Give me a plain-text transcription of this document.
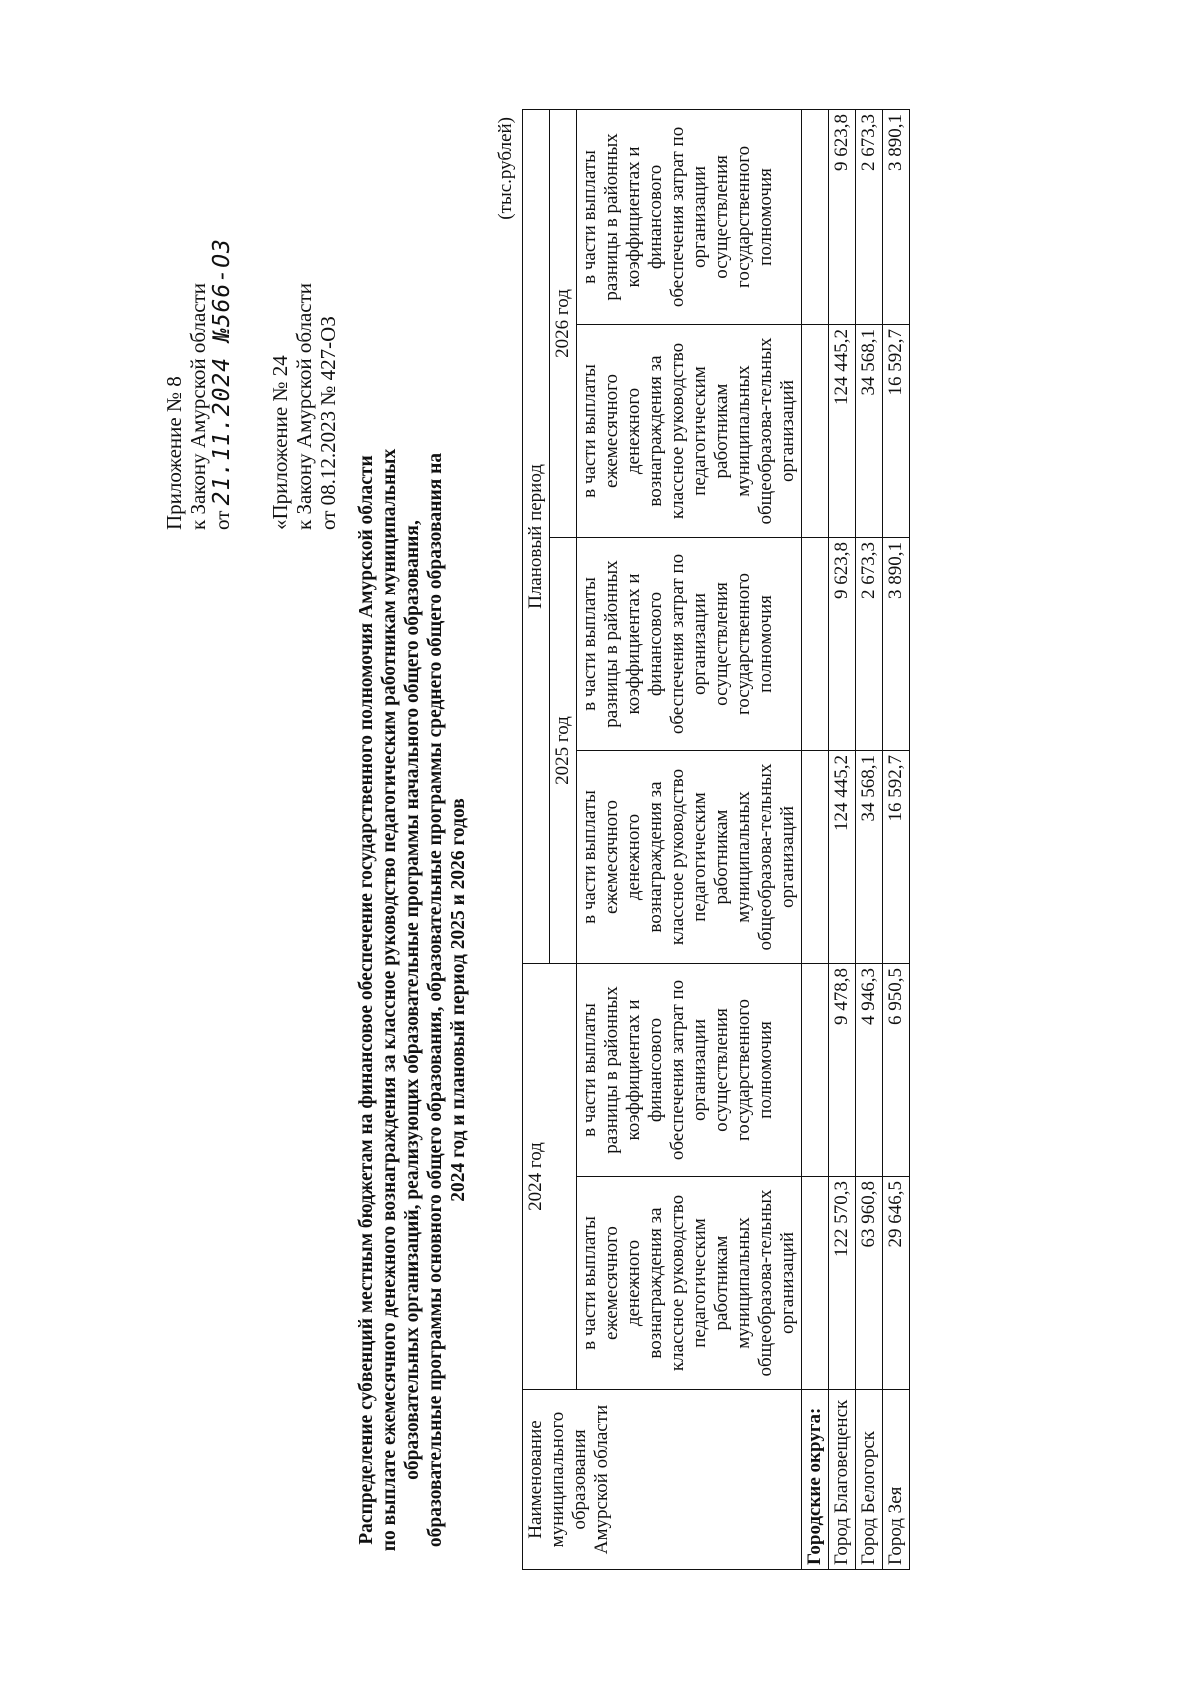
Приложение № 8 к Закону Амурской области от 21.11.2024 №566-ОЗ «Приложение № 24 к Закону Амурской области от 08.12.2023 № 427-ОЗ
Распределение субвенций местным бюджетам на финансовое обеспечение государственного полномочия Амурской области по выплате ежемесячного денежного вознаграждения за классное руководство педагогическим работникам муниципальных образовательных организаций, реализующих образовательные программы начального общего образования, образовательные программы основного общего образования, образовательные программы среднего общего образования на 2024 год и плановый период 2025 и 2026 годов
(тыс.рублей)
Наименование муниципального образования Амурской области	2024 год		Плановый период			
			2025 год		2026 год	
	в части выплаты ежемесячного денежного вознаграждения за классное руководство педагогическим работникам муниципальных общеобразова-тельных организаций	в части выплаты разницы в районных коэффициентах и финансового обеспечения затрат по организации осуществления государственного полномочия	в части выплаты ежемесячного денежного вознаграждения за классное руководство педагогическим работникам муниципальных общеобразова-тельных организаций	в части выплаты разницы в районных коэффициентах и финансового обеспечения затрат по организации осуществления государственного полномочия	в части выплаты ежемесячного денежного вознаграждения за классное руководство педагогическим работникам муниципальных общеобразова-тельных организаций	в части выплаты разницы в районных коэффициентах и финансового обеспечения затрат по организации осуществления государственного полномочия
Городские округа:						
Город Благовещенск	122 570,3	9 478,8	124 445,2	9 623,8	124 445,2	9 623,8
Город Белогорск	63 960,8	4 946,3	34 568,1	2 673,3	34 568,1	2 673,3
Город Зея	29 646,5	6 950,5	16 592,7	3 890,1	16 592,7	3 890,1
